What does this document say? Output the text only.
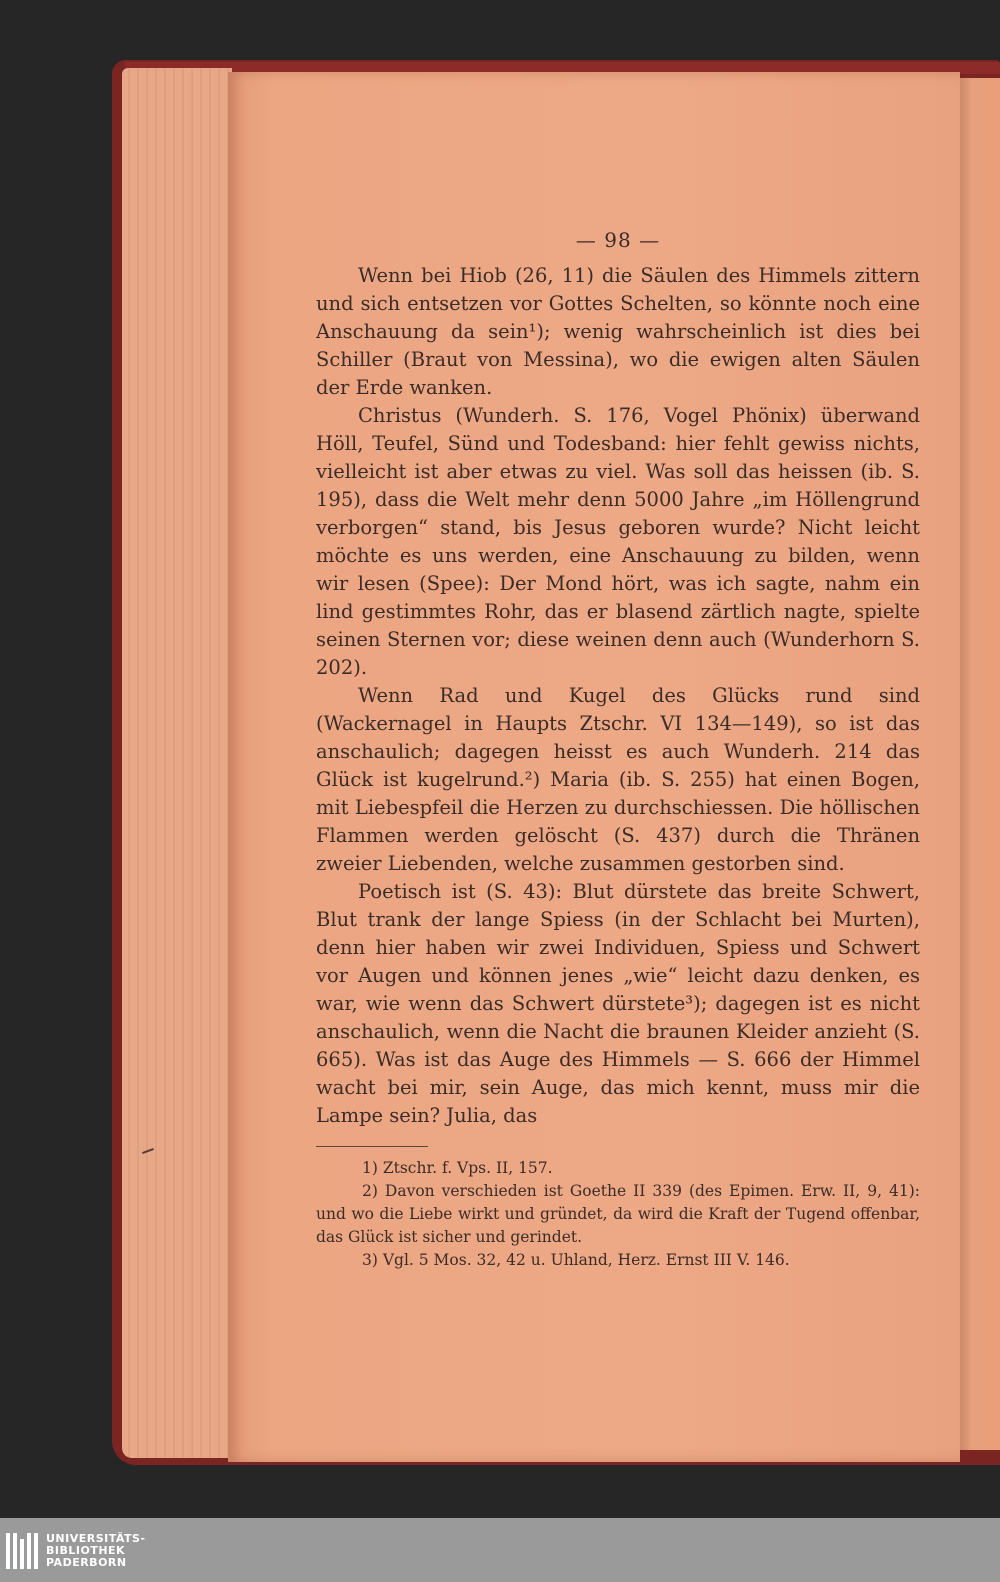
— 98 —

Wenn bei Hiob (26, 11) die Säulen des Himmels zittern und sich entsetzen vor Gottes Schelten, so könnte noch eine Anschauung da sein¹); wenig wahrscheinlich ist dies bei Schiller (Braut von Messina), wo die ewigen alten Säulen der Erde wanken.

Christus (Wunderh. S. 176, Vogel Phönix) überwand Höll, Teufel, Sünd und Todesband: hier fehlt gewiss nichts, vielleicht ist aber etwas zu viel. Was soll das heissen (ib. S. 195), dass die Welt mehr denn 5000 Jahre „im Höllengrund verborgen“ stand, bis Jesus geboren wurde? Nicht leicht möchte es uns werden, eine Anschauung zu bilden, wenn wir lesen (Spee): Der Mond hört, was ich sagte, nahm ein lind gestimmtes Rohr, das er blasend zärtlich nagte, spielte seinen Sternen vor; diese weinen denn auch (Wunderhorn S. 202).

Wenn Rad und Kugel des Glücks rund sind (Wackernagel in Haupts Ztschr. VI 134—149), so ist das anschaulich; dagegen heisst es auch Wunderh. 214 das Glück ist kugelrund.²) Maria (ib. S. 255) hat einen Bogen, mit Liebespfeil die Herzen zu durchschiessen. Die höllischen Flammen werden gelöscht (S. 437) durch die Thränen zweier Liebenden, welche zusammen gestorben sind.

Poetisch ist (S. 43): Blut dürstete das breite Schwert, Blut trank der lange Spiess (in der Schlacht bei Murten), denn hier haben wir zwei Individuen, Spiess und Schwert vor Augen und können jenes „wie“ leicht dazu denken, es war, wie wenn das Schwert dürstete³); dagegen ist es nicht anschaulich, wenn die Nacht die braunen Kleider anzieht (S. 665). Was ist das Auge des Himmels — S. 666 der Himmel wacht bei mir, sein Auge, das mich kennt, muss mir die Lampe sein? Julia, das

1) Ztschr. f. Vps. II, 157.

2) Davon verschieden ist Goethe II 339 (des Epimen. Erw. II, 9, 41): und wo die Liebe wirkt und gründet, da wird die Kraft der Tugend offenbar, das Glück ist sicher und gerindet.

3) Vgl. 5 Mos. 32, 42 u. Uhland, Herz. Ernst III V. 146.

UNIVERSITÄTS-
BIBLIOTHEK
PADERBORN
